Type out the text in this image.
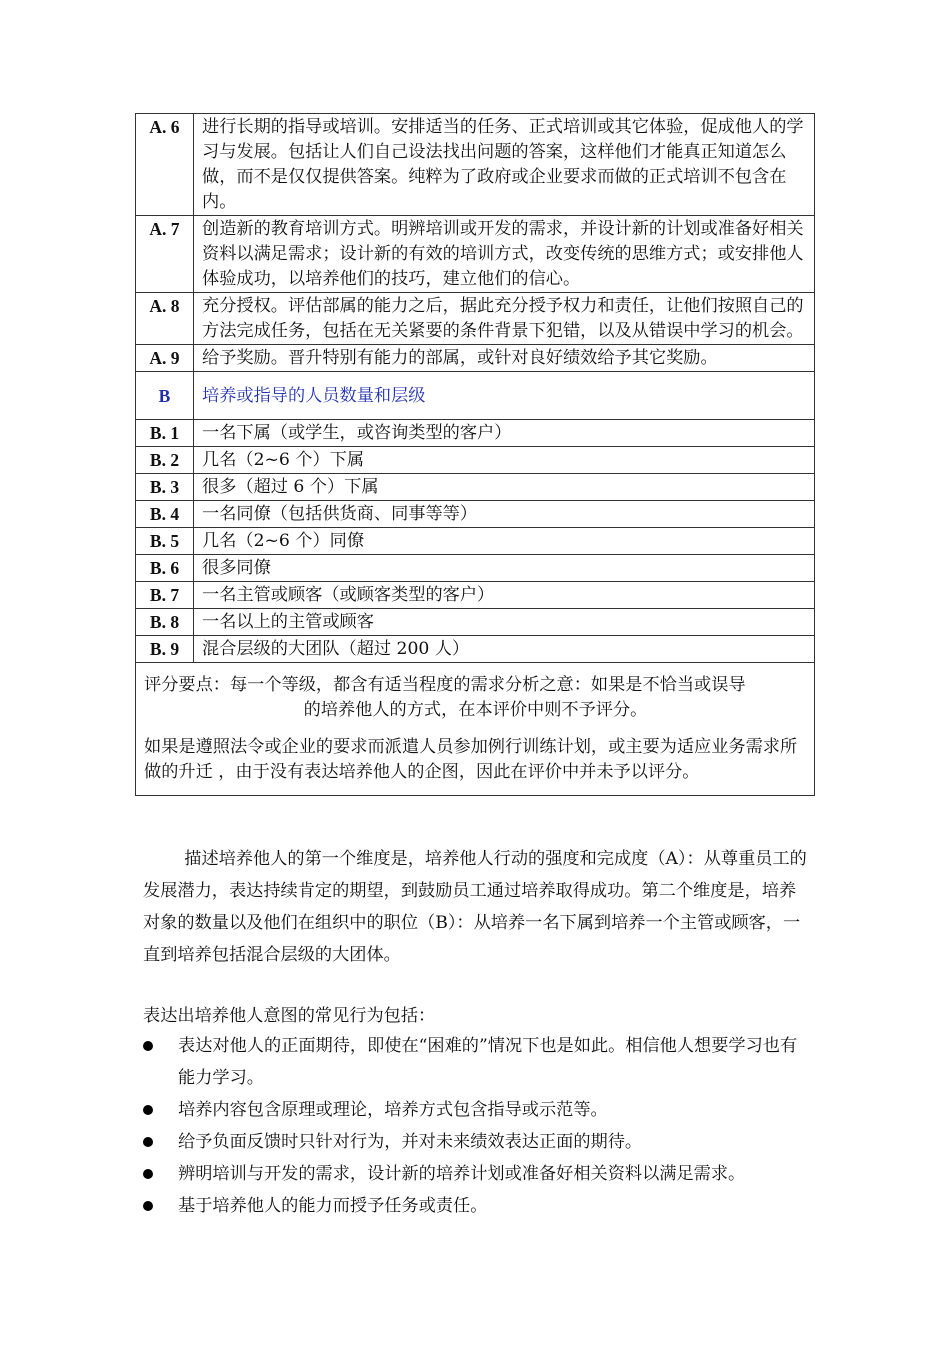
A. 6	进行长期的指导或培训。安排适当的任务、正式培训或其它体验，促成他人的学习与发展。包括让人们自己设法找出问题的答案，这样他们才能真正知道怎么做，而不是仅仅提供答案。纯粹为了政府或企业要求而做的正式培训不包含在内。

A. 7	创造新的教育培训方式。明辨培训或开发的需求，并设计新的计划或准备好相关资料以满足需求；设计新的有效的培训方式，改变传统的思维方式；或安排他人体验成功，以培养他们的技巧，建立他们的信心。

A. 8	充分授权。评估部属的能力之后，据此充分授予权力和责任，让他们按照自己的方法完成任务，包括在无关紧要的条件背景下犯错，以及从错误中学习的机会。

A. 9	给予奖励。晋升特别有能力的部属，或针对良好绩效给予其它奖励。

B	培养或指导的人员数量和层级
B. 1	一名下属（或学生，或咨询类型的客户）
B. 2	几名（2~6 个）下属
B. 3	很多（超过 6 个）下属
B. 4	一名同僚（包括供货商、同事等等）
B. 5	几名（2~6 个）同僚
B. 6	很多同僚
B. 7	一名主管或顾客（或顾客类型的客户）
B. 8	一名以上的主管或顾客
B. 9	混合层级的大团队（超过 200 人）

评分要点：每一个等级，都含有适当程度的需求分析之意：如果是不恰当或误导
的培养他人的方式，在本评价中则不予评分。

如果是遵照法令或企业的要求而派遣人员参加例行训练计划，或主要为适应业务需求所做的升迁 ，由于没有表达培养他人的企图，因此在评价中并未予以评分。	

描述培养他人的第一个维度是，培养他人行动的强度和完成度（A）：从尊重员工的发展潜力，表达持续肯定的期望，到鼓励员工通过培养取得成功。第二个维度是，培养对象的数量以及他们在组织中的职位（B）：从培养一名下属到培养一个主管或顾客，一直到培养包括混合层级的大团体。

表达出培养他人意图的常见行为包括：

表达对他人的正面期待，即使在“困难的”情况下也是如此。相信他人想要学习也有能力学习。
培养内容包含原理或理论，培养方式包含指导或示范等。
给予负面反馈时只针对行为，并对未来绩效表达正面的期待。
辨明培训与开发的需求，设计新的培养计划或准备好相关资料以满足需求。
基于培养他人的能力而授予任务或责任。
